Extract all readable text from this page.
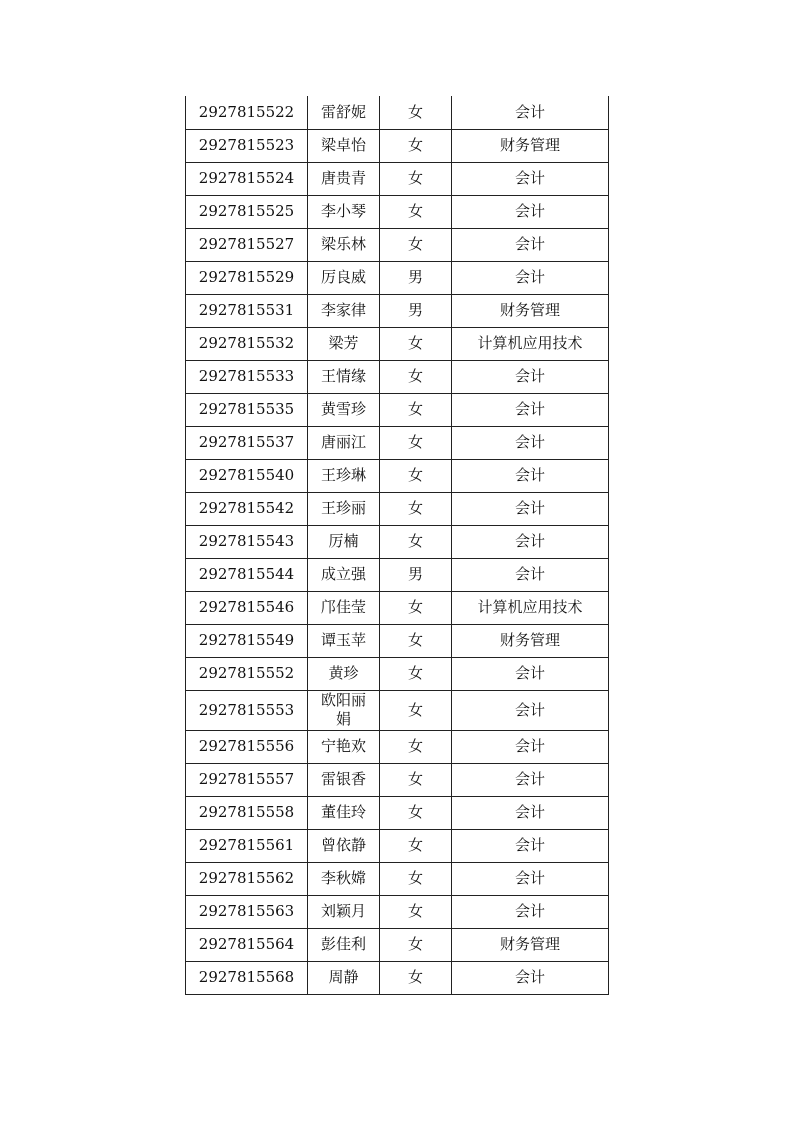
2927815522	雷舒妮	女	会计
2927815523	梁卓怡	女	财务管理
2927815524	唐贵青	女	会计
2927815525	李小琴	女	会计
2927815527	梁乐林	女	会计
2927815529	厉良威	男	会计
2927815531	李家律	男	财务管理
2927815532	梁芳	女	计算机应用技术
2927815533	王情缘	女	会计
2927815535	黄雪珍	女	会计
2927815537	唐丽江	女	会计
2927815540	王珍琳	女	会计
2927815542	王珍丽	女	会计
2927815543	厉楠	女	会计
2927815544	成立强	男	会计
2927815546	邝佳莹	女	计算机应用技术
2927815549	谭玉苹	女	财务管理
2927815552	黄珍	女	会计
2927815553	欧阳丽娟	女	会计
2927815556	宁艳欢	女	会计
2927815557	雷银香	女	会计
2927815558	董佳玲	女	会计
2927815561	曾依静	女	会计
2927815562	李秋嫦	女	会计
2927815563	刘颖月	女	会计
2927815564	彭佳利	女	财务管理
2927815568	周静	女	会计
